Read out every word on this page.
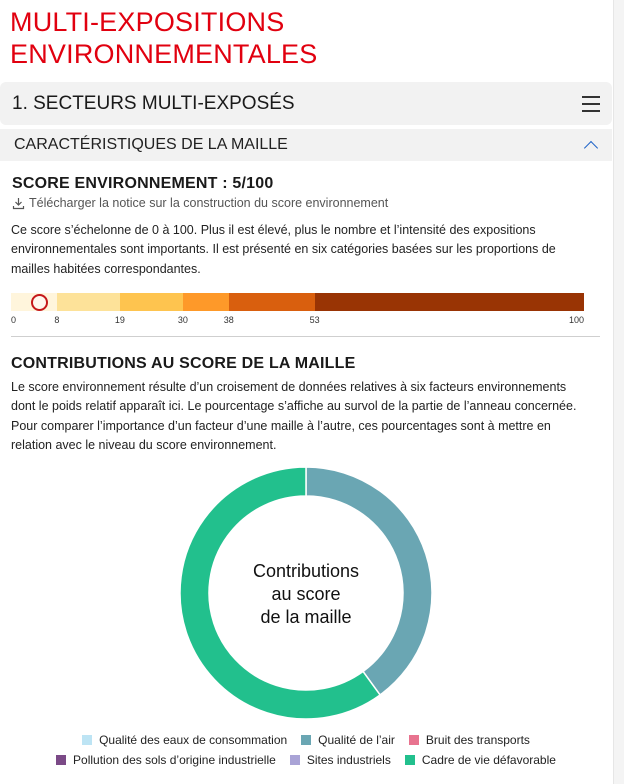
MULTI-EXPOSITIONS
ENVIRONNEMENTALES
1. SECTEURS MULTI-EXPOSÉS
CARACTÉRISTIQUES DE LA MAILLE
SCORE ENVIRONNEMENT : 5/100
Télécharger la notice sur la construction du score environnement

Ce score s’échelonne de 0 à 100. Plus il est élevé, plus le nombre et l’intensité des expositions
environnementales sont importants. Il est présenté en six catégories basées sur les proportions de
mailles habitées correspondantes.

0	8	19	30	38	53	100
CONTRIBUTIONS AU SCORE DE LA MAILLE

Le score environnement résulte d’un croisement de données relatives à six facteurs environnements
dont le poids relatif apparaît ici. Le pourcentage s’affiche au survol de la partie de l’anneau concernée.
Pour comparer l’importance d’un facteur d’une maille à l’autre, ces pourcentages sont à mettre en
relation avec le niveau du score environnement.

Contributions
au score
de la maille
Qualité des eaux de consommation	Qualité de l’air	Bruit des transports
Pollution des sols d’origine industrielle	Sites industriels	Cadre de vie défavorable
